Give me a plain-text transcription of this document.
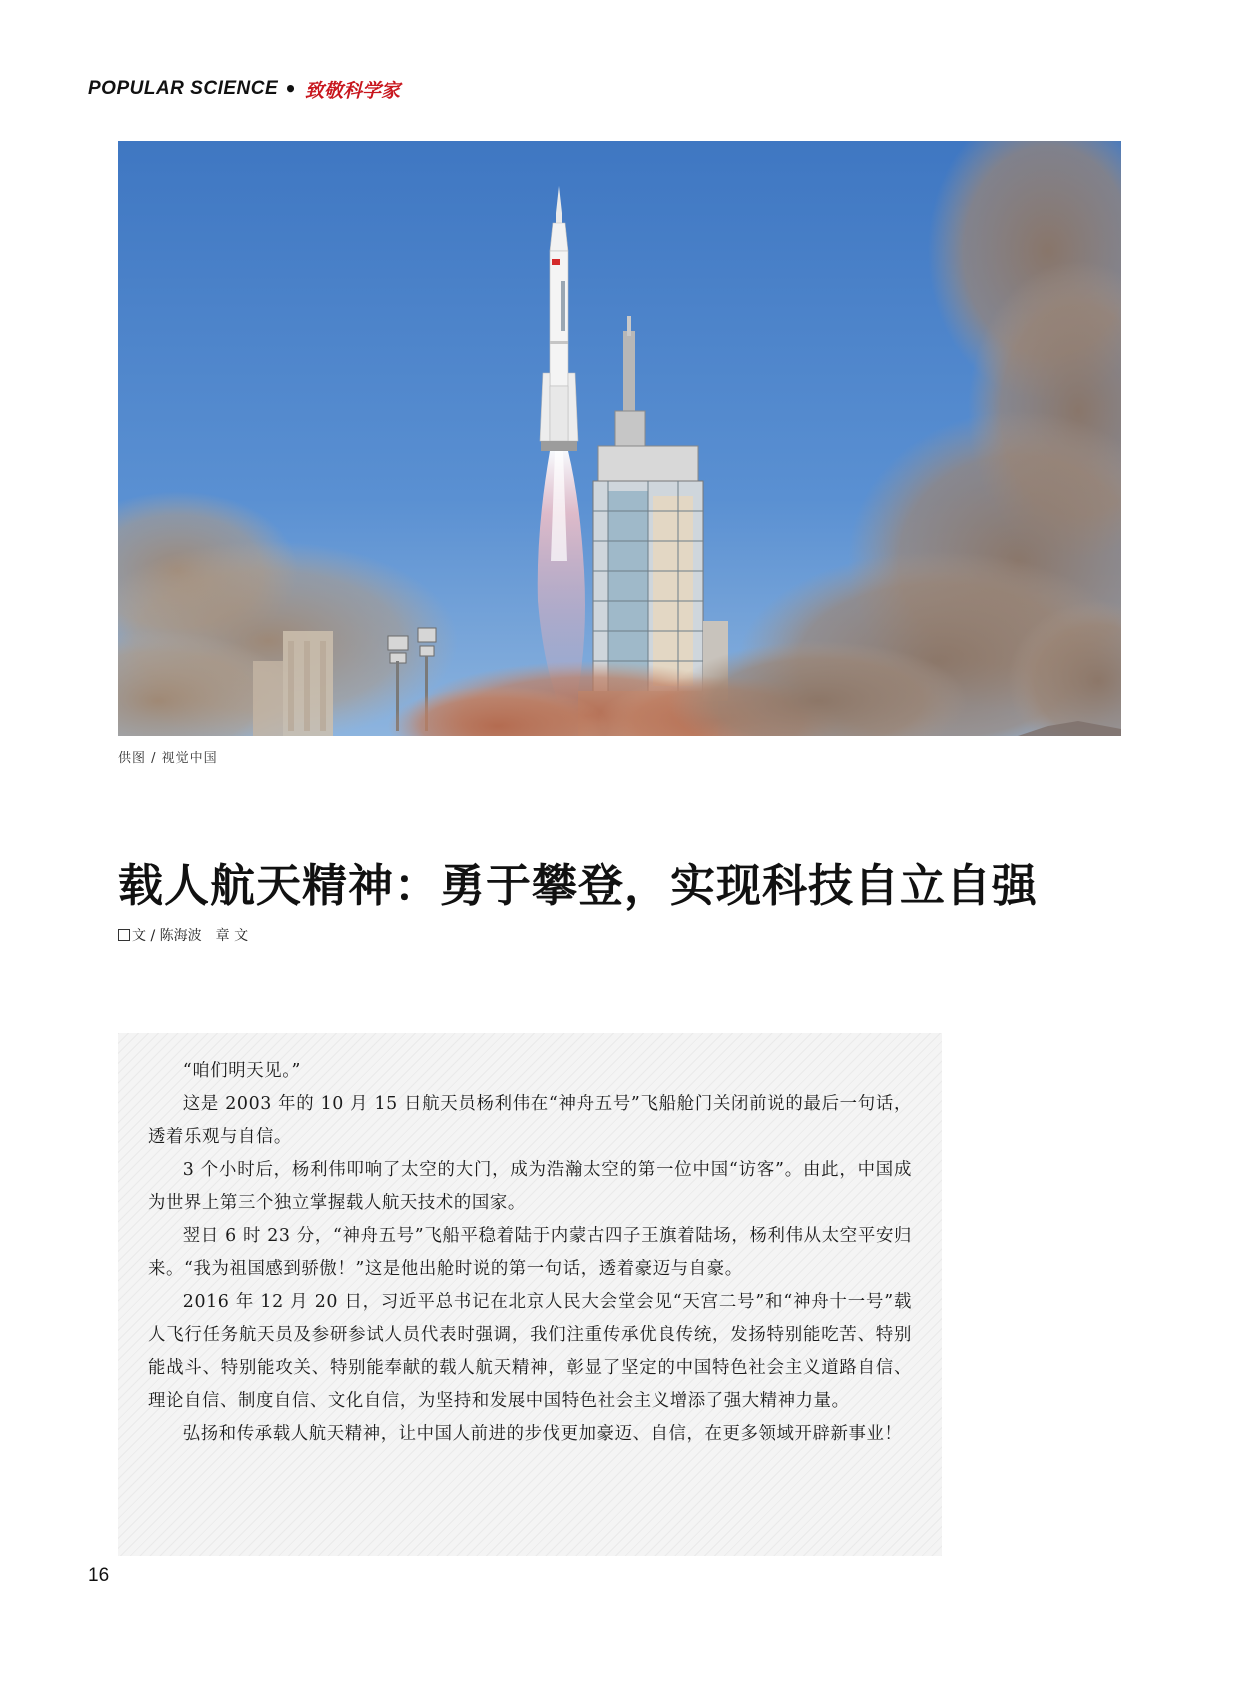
POPULAR SCIENCE • 致敬科学家
供图 / 视觉中国
载人航天精神：勇于攀登，实现科技自立自强
文 / 陈海波　章 文

“咱们明天见。”

这是 2003 年的 10 月 15 日航天员杨利伟在“神舟五号”飞船舱门关闭前说的最后一句话，透着乐观与自信。

3 个小时后，杨利伟叩响了太空的大门，成为浩瀚太空的第一位中国“访客”。由此，中国成为世界上第三个独立掌握载人航天技术的国家。

翌日 6 时 23 分，“神舟五号”飞船平稳着陆于内蒙古四子王旗着陆场，杨利伟从太空平安归来。“我为祖国感到骄傲！”这是他出舱时说的第一句话，透着豪迈与自豪。

2016 年 12 月 20 日，习近平总书记在北京人民大会堂会见“天宫二号”和“神舟十一号”载人飞行任务航天员及参研参试人员代表时强调，我们注重传承优良传统，发扬特别能吃苦、特别能战斗、特别能攻关、特别能奉献的载人航天精神，彰显了坚定的中国特色社会主义道路自信、理论自信、制度自信、文化自信，为坚持和发展中国特色社会主义增添了强大精神力量。

弘扬和传承载人航天精神，让中国人前进的步伐更加豪迈、自信，在更多领域开辟新事业！

16
